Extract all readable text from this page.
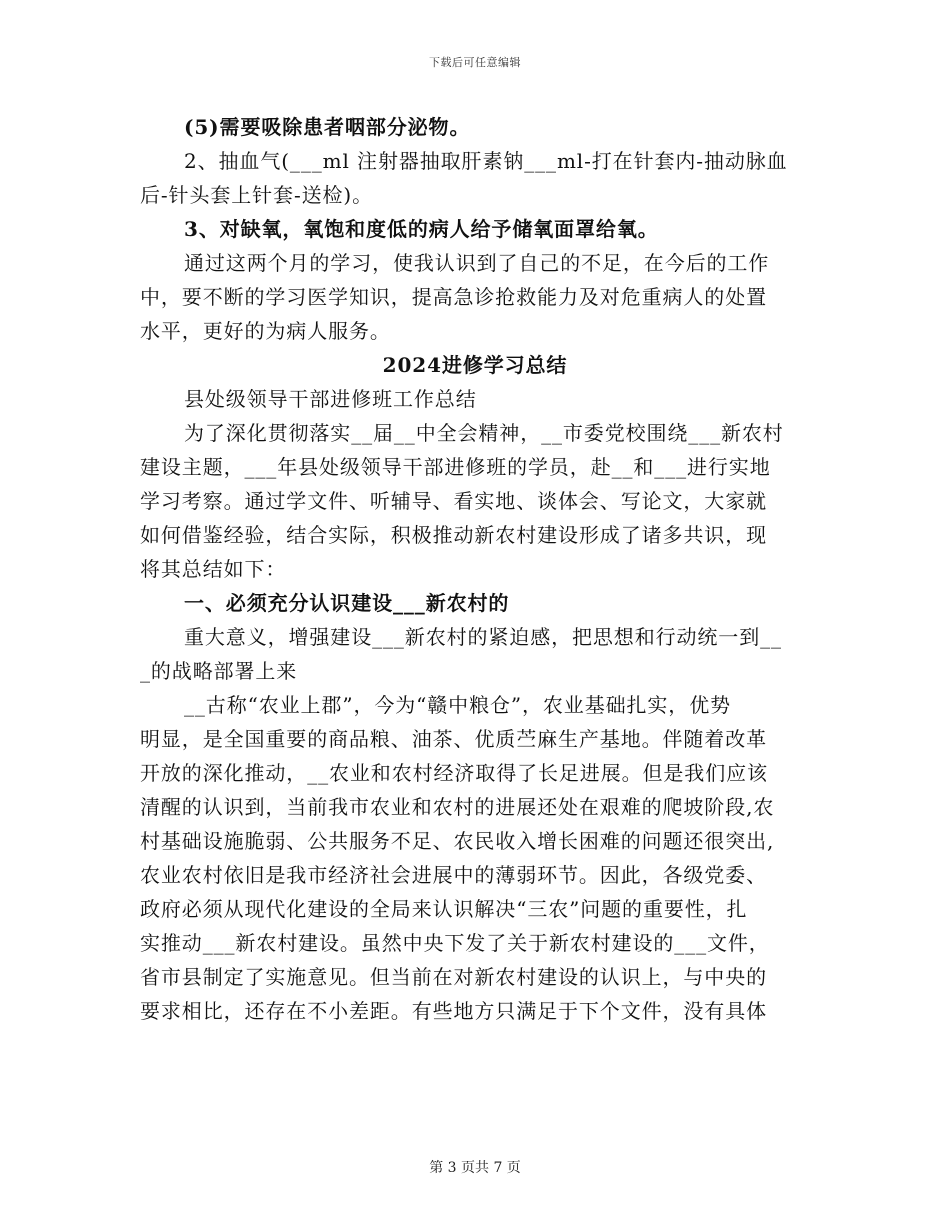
下载后可任意编辑
(5)需要吸除患者咽部分泌物。
2、抽血气(___ml 注射器抽取肝素钠___ml-打在针套内-抽动脉血
后-针头套上针套-送检)。
3、对缺氧，氧饱和度低的病人给予储氧面罩给氧。
通过这两个月的学习，使我认识到了自己的不足，在今后的工作
中，要不断的学习医学知识，提高急诊抢救能力及对危重病人的处置
水平，更好的为病人服务。
2024进修学习总结
县处级领导干部进修班工作总结
为了深化贯彻落实__届__中全会精神，__市委党校围绕___新农村
建设主题，___年县处级领导干部进修班的学员，赴__和___进行实地
学习考察。通过学文件、听辅导、看实地、谈体会、写论文，大家就
如何借鉴经验，结合实际，积极推动新农村建设形成了诸多共识，现
将其总结如下：
一、必须充分认识建设___新农村的
重大意义，增强建设___新农村的紧迫感，把思想和行动统一到__
_的战略部署上来
__古称“农业上郡”，今为“赣中粮仓”，农业基础扎实，优势
明显，是全国重要的商品粮、油茶、优质苎麻生产基地。伴随着改革
开放的深化推动，__农业和农村经济取得了长足进展。但是我们应该
清醒的认识到，当前我市农业和农村的进展还处在艰难的爬坡阶段,农
村基础设施脆弱、公共服务不足、农民收入增长困难的问题还很突出,
农业农村依旧是我市经济社会进展中的薄弱环节。因此，各级党委、
政府必须从现代化建设的全局来认识解决“三农”问题的重要性，扎
实推动___新农村建设。虽然中央下发了关于新农村建设的___文件，
省市县制定了实施意见。但当前在对新农村建设的认识上，与中央的
要求相比，还存在不小差距。有些地方只满足于下个文件，没有具体
第 3 页共 7 页
